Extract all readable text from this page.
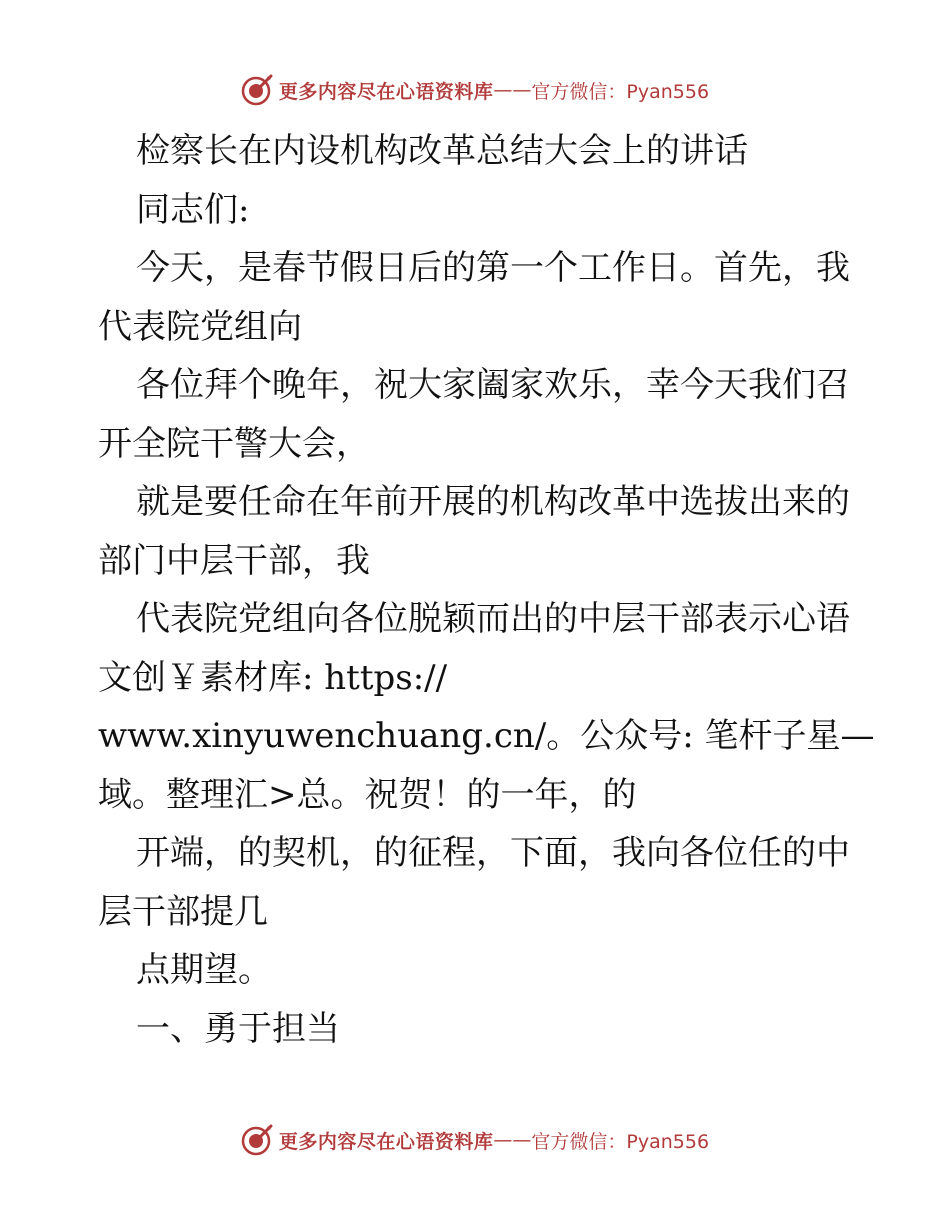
更多内容尽在心语资料库 —— 官方微信：Pyan556
检察长在内设机构改革总结大会上的讲话
同志们:
今天，是春节假日后的第一个工作日。首先，我
代表院党组向
各位拜个晚年，祝大家阖家欢乐，幸今天我们召
开全院干警大会，
就是要任命在年前开展的机构改革中选拔出来的
部门中层干部，我
代表院党组向各位脱颖而出的中层干部表示心语
文创￥素材库: https://
www.xinyuwenchuang.cn/。公众号: 笔杆子星—
域。整理汇>总。祝贺！的一年，的
开端，的契机，的征程，下面，我向各位任的中
层干部提几
点期望。
一、勇于担当
更多内容尽在心语资料库 —— 官方微信：Pyan556
